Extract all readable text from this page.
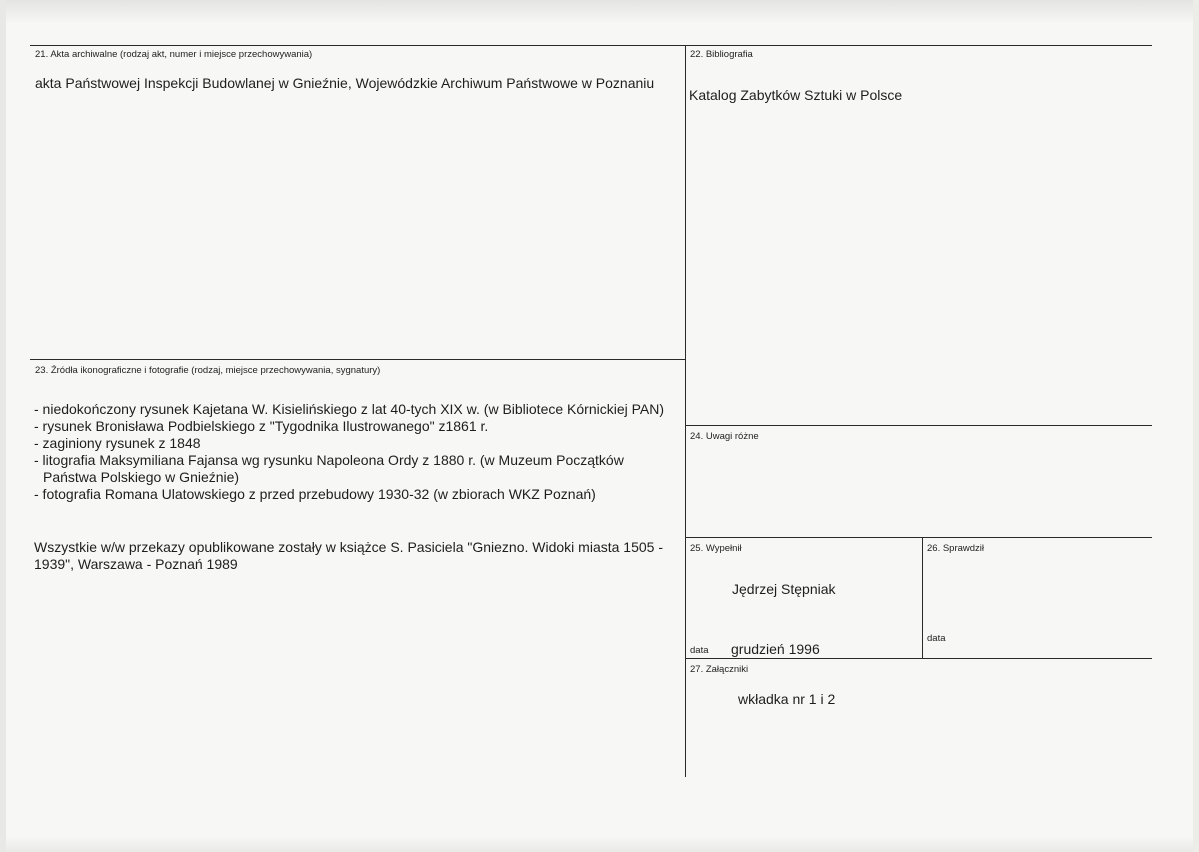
21. Akta archiwalne (rodzaj akt, numer i miejsce przechowywania)
akta Państwowej Inspekcji Budowlanej w Gnieźnie, Wojewódzkie Archiwum Państwowe w Poznaniu
22. Bibliografia
Katalog Zabytków Sztuki w Polsce
23. Źródła ikonograficzne i fotografie (rodzaj, miejsce przechowywania, sygnatury)
- niedokończony rysunek Kajetana W. Kisielińskiego z lat 40-tych XIX w. (w Bibliotece Kórnickiej PAN)
- rysunek Bronisława Podbielskiego z "Tygodnika Ilustrowanego" z1861 r.
- zaginiony rysunek z 1848
- litografia Maksymiliana Fajansa wg rysunku Napoleona Ordy z 1880 r. (w Muzeum Początków Państwa Polskiego w Gnieźnie)
- fotografia Romana Ulatowskiego z przed przebudowy 1930-32 (w zbiorach WKZ Poznań)
Wszystkie w/w przekazy opublikowane zostały w książce S. Pasiciela "Gniezno. Widoki miasta 1505 - 1939", Warszawa - Poznań 1989
24. Uwagi różne
25. Wypełnił
Jędrzej Stępniak
data grudzień 1996
26. Sprawdził
data
27. Załączniki
wkładka nr 1 i 2
